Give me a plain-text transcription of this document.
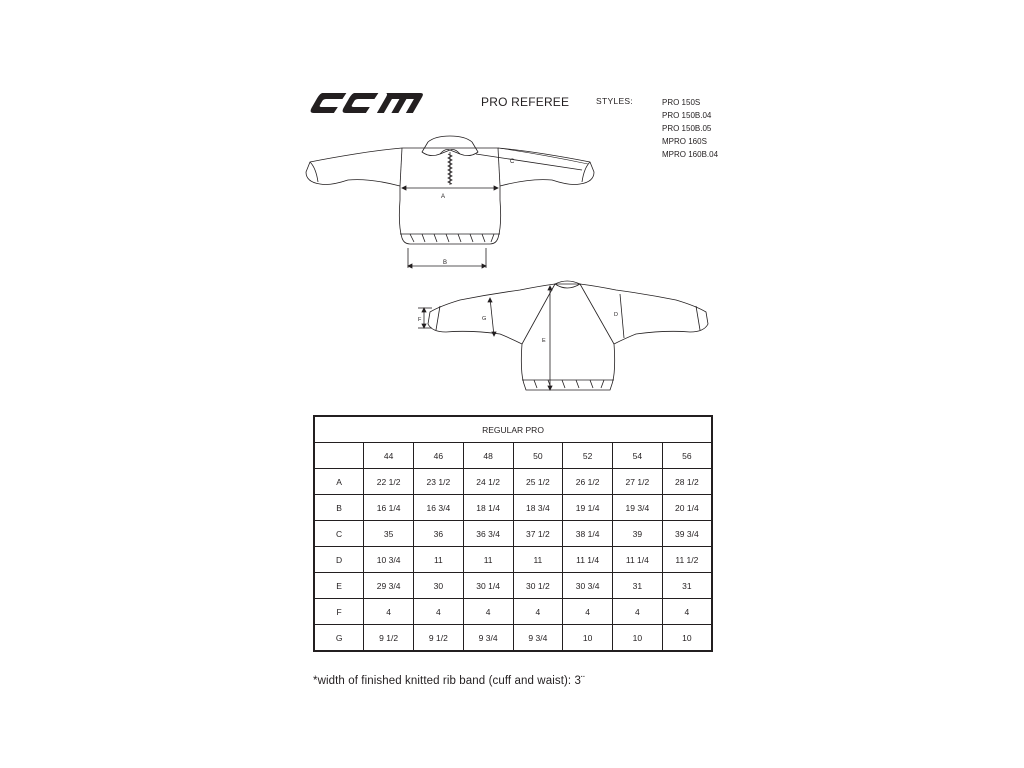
PRO REFEREE	STYLES:	PRO 150S
PRO 150B.04
PRO 150B.05
MPRO 160S
MPRO 160B.04
A
B
C
F	G
E
D
REGULAR PRO							
	44	46	48	50	52	54	56
A	22 1/2	23 1/2	24 1/2	25 1/2	26 1/2	27 1/2	28 1/2
B	16 1/4	16 3/4	18 1/4	18 3/4	19 1/4	19 3/4	20 1/4
C	35	36	36 3/4	37 1/2	38 1/4	39	39 3/4
D	10 3/4	11	11	11	11 1/4	11 1/4	11 1/2
E	29 3/4	30	30 1/4	30 1/2	30 3/4	31	31
F	4	4	4	4	4	4	4
G	9 1/2	9 1/2	9 3/4	9 3/4	10	10	10
*width of finished knitted rib band (cuff and waist): 3¨
